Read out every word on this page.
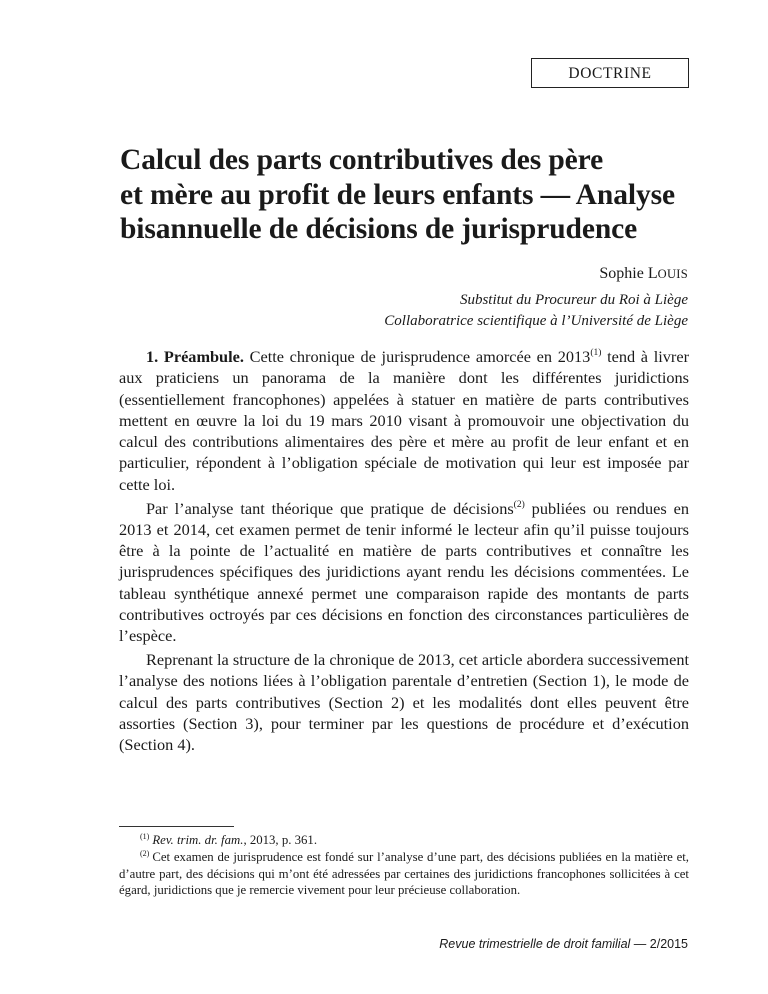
DOCTRINE
Calcul des parts contributives des père
et mère au profit de leurs enfants — Analyse
bisannuelle de décisions de jurisprudence
Sophie LOUIS
Substitut du Procureur du Roi à Liège
Collaboratrice scientifique à l’Université de Liège

1. Préambule. Cette chronique de jurisprudence amorcée en 2013$^{(1)}$ tend à livrer aux praticiens un panorama de la manière dont les différentes juridictions (essentiellement francophones) appelées à statuer en matière de parts contributives mettent en œuvre la loi du 19 mars 2010 visant à promouvoir une objectivation du calcul des contributions alimentaires des père et mère au profit de leur enfant et en particulier, répondent à l’obligation spéciale de motivation qui leur est imposée par cette loi.

Par l’analyse tant théorique que pratique de décisions$^{(2)}$ publiées ou rendues en 2013 et 2014, cet examen permet de tenir informé le lecteur afin qu’il puisse toujours être à la pointe de l’actualité en matière de parts contributives et connaître les jurisprudences spécifiques des juridictions ayant rendu les décisions commentées. Le tableau synthétique annexé permet une comparaison rapide des montants de parts contributives octroyés par ces décisions en fonction des circonstances particulières de l’espèce.

Reprenant la structure de la chronique de 2013, cet article abordera successivement l’analyse des notions liées à l’obligation parentale d’entretien (Section 1), le mode de calcul des parts contributives (Section 2) et les modalités dont elles peuvent être assorties (Section 3), pour terminer par les questions de procédure et d’exécution (Section 4).

$^{(1)}$ Rev. trim. dr. fam., 2013, p. 361.

$^{(2)}$ Cet examen de jurisprudence est fondé sur l’analyse d’une part, des décisions publiées en la matière et, d’autre part, des décisions qui m’ont été adressées par certaines des juridictions francophones sollicitées à cet égard, juridictions que je remercie vivement pour leur précieuse collaboration.

Revue trimestrielle de droit familial — 2/2015
